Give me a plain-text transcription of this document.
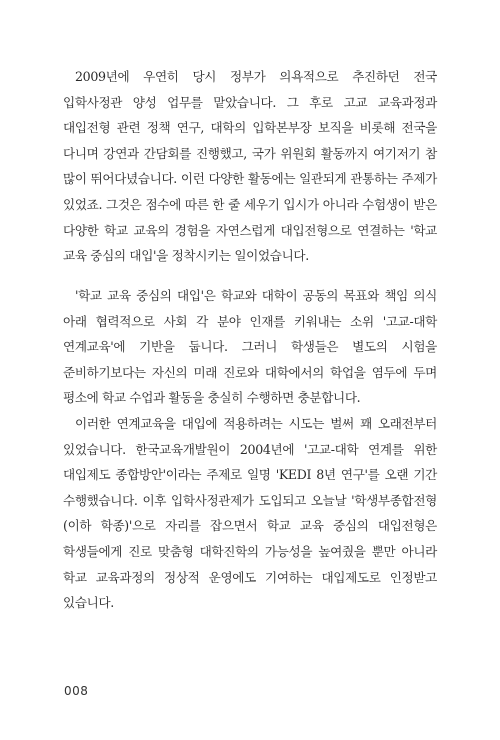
2009년에 우연히 당시 정부가 의욕적으로 추진하던 전국 입학사정관 양성 업무를 맡았습니다. 그 후로 고교 교육과정과 대입전형 관련 정책 연구, 대학의 입학본부장 보직을 비롯해 전국을 다니며 강연과 간담회를 진행했고, 국가 위원회 활동까지 여기저기 참 많이 뛰어다녔습니다. 이런 다양한 활동에는 일관되게 관통하는 주제가 있었죠. 그것은 점수에 따른 한 줄 세우기 입시가 아니라 수험생이 받은 다양한 학교 교육의 경험을 자연스럽게 대입전형으로 연결하는 '학교 교육 중심의 대입'을 정착시키는 일이었습니다.

'학교 교육 중심의 대입'은 학교와 대학이 공동의 목표와 책임 의식 아래 협력적으로 사회 각 분야 인재를 키워내는 소위 '고교-대학 연계교육'에 기반을 둡니다. 그러니 학생들은 별도의 시험을 준비하기보다는 자신의 미래 진로와 대학에서의 학업을 염두에 두며 평소에 학교 수업과 활동을 충실히 수행하면 충분합니다.

이러한 연계교육을 대입에 적용하려는 시도는 벌써 꽤 오래전부터 있었습니다. 한국교육개발원이 2004년에 '고교-대학 연계를 위한 대입제도 종합방안'이라는 주제로 일명 'KEDI 8년 연구'를 오랜 기간 수행했습니다. 이후 입학사정관제가 도입되고 오늘날 '학생부종합전형(이하 학종)'으로 자리를 잡으면서 학교 교육 중심의 대입전형은 학생들에게 진로 맞춤형 대학진학의 가능성을 높여줬을 뿐만 아니라 학교 교육과정의 정상적 운영에도 기여하는 대입제도로 인정받고 있습니다.

008
